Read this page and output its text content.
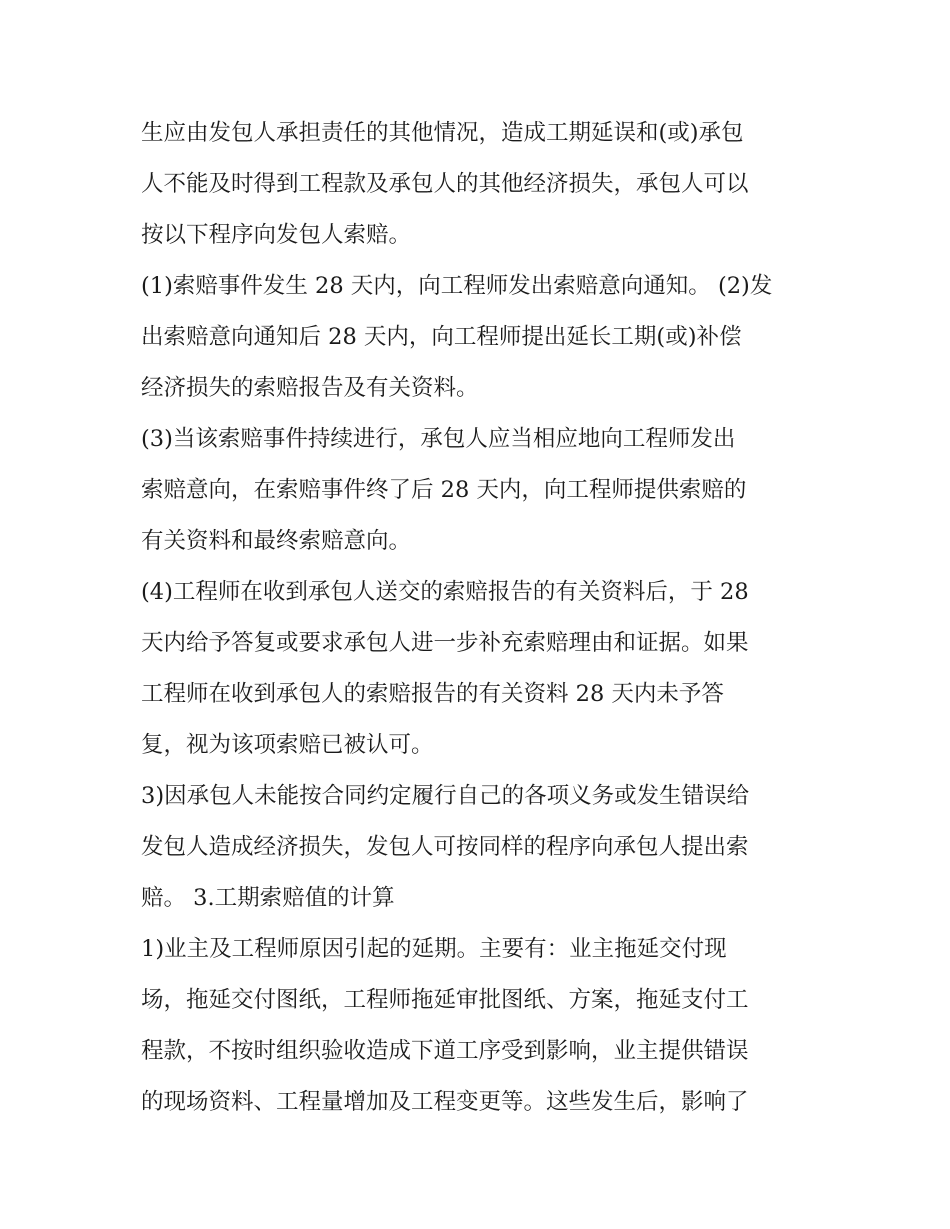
生应由发包人承担责任的其他情况，造成工期延误和(或)承包
人不能及时得到工程款及承包人的其他经济损失，承包人可以
按以下程序向发包人索赔。
(1)索赔事件发生 28 天内，向工程师发出索赔意向通知。 (2)发
出索赔意向通知后 28 天内，向工程师提出延长工期(或)补偿
经济损失的索赔报告及有关资料。
(3)当该索赔事件持续进行，承包人应当相应地向工程师发出
索赔意向，在索赔事件终了后 28 天内，向工程师提供索赔的
有关资料和最终索赔意向。
(4)工程师在收到承包人送交的索赔报告的有关资料后，于 28
天内给予答复或要求承包人进一步补充索赔理由和证据。如果
工程师在收到承包人的索赔报告的有关资料 28 天内未予答
复，视为该项索赔已被认可。
3)因承包人未能按合同约定履行自己的各项义务或发生错误给
发包人造成经济损失，发包人可按同样的程序向承包人提出索
赔。 3.工期索赔值的计算
1)业主及工程师原因引起的延期。主要有：业主拖延交付现
场，拖延交付图纸，工程师拖延审批图纸、方案，拖延支付工
程款，不按时组织验收造成下道工序受到影响，业主提供错误
的现场资料、工程量增加及工程变更等。这些发生后，影响了
